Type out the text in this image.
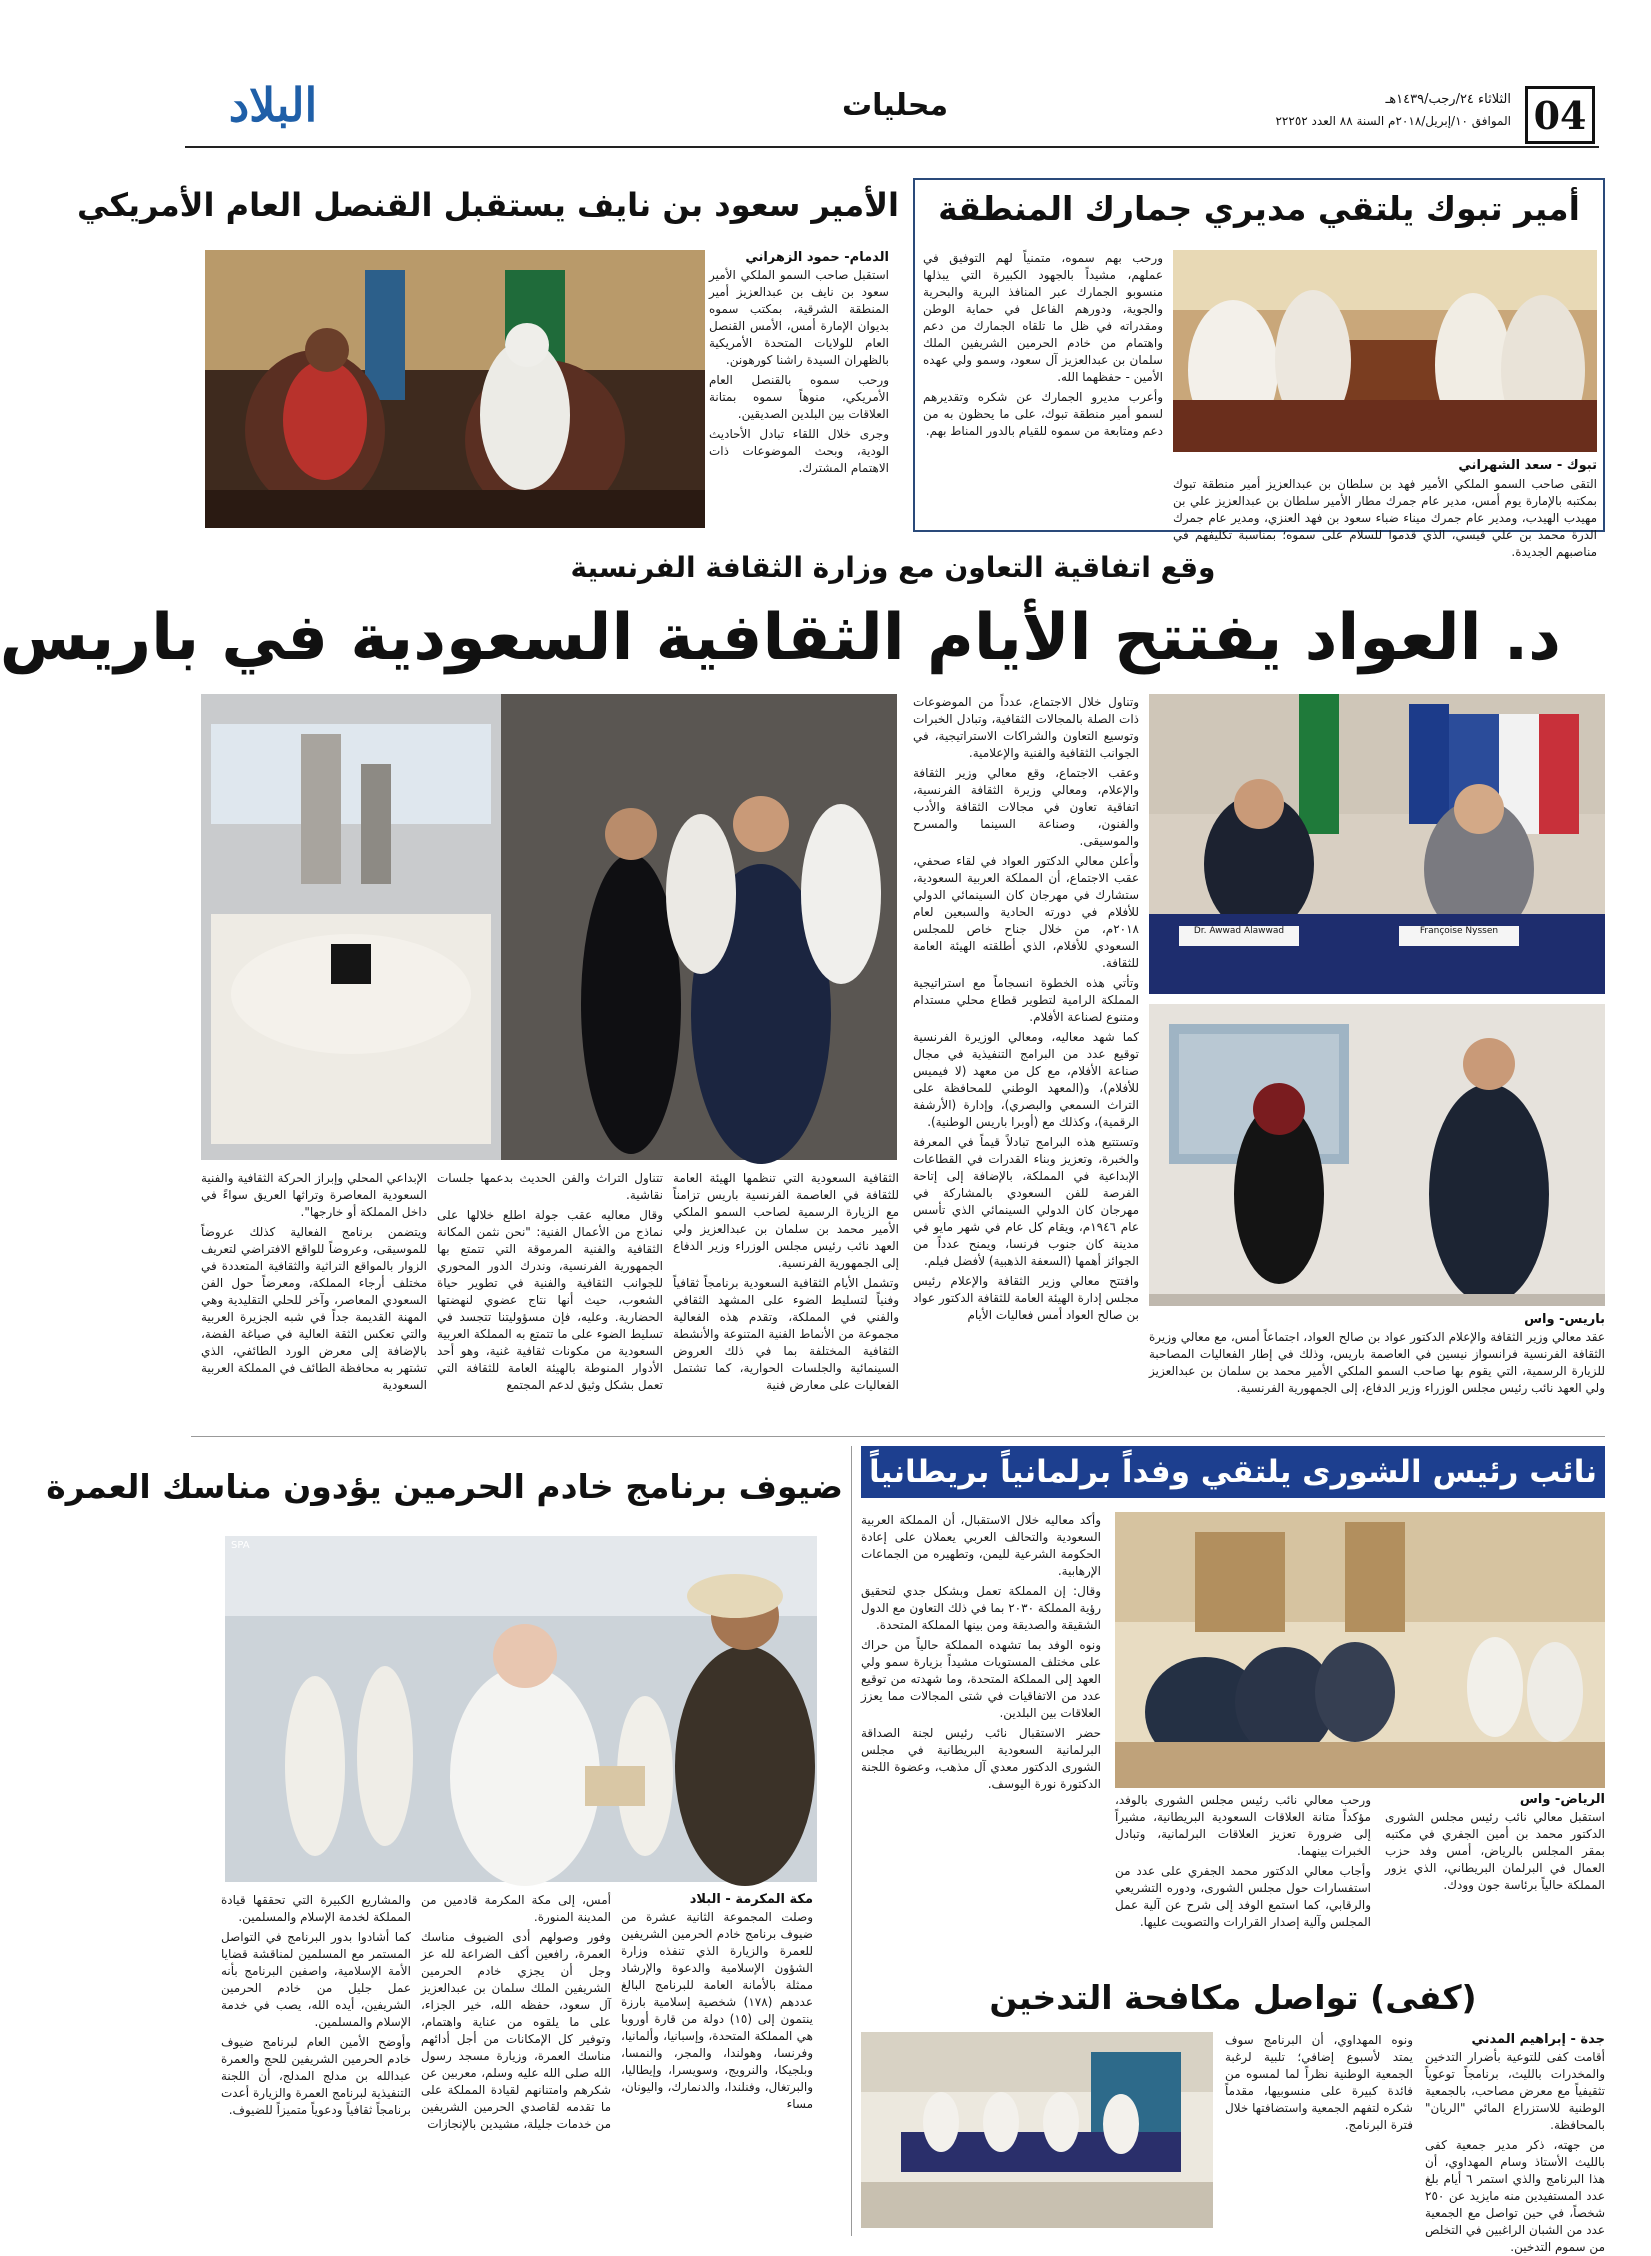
04
الثلاثاء ٢٤/رجب/١٤٣٩هـ
الموافق ١٠/إبريل/٢٠١٨م السنة ٨٨ العدد ٢٢٢٥٢
محليات
البلاد
أمير تبوك يلتقي مديري جمارك المنطقة
ورحب بهم سموه، متمنياً لهم التوفيق في عملهم، مشيداً بالجهود الكبيرة التي يبذلها منسوبو الجمارك عبر المنافذ البرية والبحرية والجوية، ودورهم الفاعل في حماية الوطن ومقدراته في ظل ما تلقاه الجمارك من دعم واهتمام من خادم الحرمين الشريفين الملك سلمان بن عبدالعزيز آل سعود، وسمو ولي عهده الأمين - حفظهما الله.
وأعرب مديرو الجمارك عن شكره وتقديرهم لسمو أمير منطقة تبوك، على ما يحظون به من دعم ومتابعة من سموه للقيام بالدور المناط بهم.
تبوك - سعد الشهراني
التقى صاحب السمو الملكي الأمير فهد بن سلطان بن عبدالعزيز أمير منطقة تبوك بمكتبه بالإمارة يوم أمس، مدير عام جمرك مطار الأمير سلطان بن عبدالعزيز علي بن مهيدب الهيدب، ومدير عام جمرك ميناء ضباء سعود بن فهد العنزي، ومدير عام جمرك الدرة محمد بن علي قيسي، الذي قدموا للسلام على سموه؛ بمناسبة تكليفهم في مناصبهم الجديدة.
الأمير سعود بن نايف يستقبل القنصل العام الأمريكي
الدمام- حمود الزهراني
استقبل صاحب السمو الملكي الأمير سعود بن نايف بن عبدالعزيز أمير المنطقة الشرقية، بمكتب سموه بديوان الإمارة أمس، الأمس القنصل العام للولايات المتحدة الأمريكية بالظهران السيدة راشنا كورهونن.
ورحب سموه بالقنصل العام الأمريكي، منوهاً سموه بمتانة العلاقات بين البلدين الصديقين.
وجرى خلال اللقاء تبادل الأحاديث الودية، وبحث الموضوعات ذات الاهتمام المشترك.
وقع اتفاقية التعاون مع وزارة الثقافة الفرنسية
د. العواد يفتتح الأيام الثقافية السعودية في باريس
Dr. Awwad Alawwad	Françoise Nyssen
باريس- واس
عقد معالي وزير الثقافة والإعلام الدكتور عواد بن صالح العواد، اجتماعاً أمس، مع معالي وزيرة الثقافة الفرنسية فرانسواز نيسين في العاصمة باريس، وذلك في إطار الفعاليات المصاحبة للزيارة الرسمية، التي يقوم بها صاحب السمو الملكي الأمير محمد بن سلمان بن عبدالعزيز ولي العهد نائب رئيس مجلس الوزراء وزير الدفاع، إلى الجمهورية الفرنسية.
وتناول خلال الاجتماع، عدداً من الموضوعات ذات الصلة بالمجالات الثقافية، وتبادل الخبرات وتوسيع التعاون والشراكات الاستراتيجية، في الجوانب الثقافية والفنية والإعلامية.
وعقب الاجتماع، وقع معالي وزير الثقافة والإعلام، ومعالي وزيرة الثقافة الفرنسية، اتفاقية تعاون في مجالات الثقافة والأدب والفنون، وصناعة السينما والمسرح والموسيقى.
وأعلن معالي الدكتور العواد في لقاء صحفي، عقب الاجتماع، أن المملكة العربية السعودية، ستشارك في مهرجان كان السينمائي الدولي للأفلام في دورته الحادية والسبعين لعام ٢٠١٨م، من خلال جناح خاص للمجلس السعودي للأفلام، الذي أطلقته الهيئة العامة للثقافة.
وتأتي هذه الخطوة انسجاماً مع استراتيجية المملكة الرامية لتطوير قطاع محلي مستدام ومتنوع لصناعة الأفلام.
كما شهد معاليه، ومعالي الوزيرة الفرنسية توقيع عدد من البرامج التنفيذية في مجال صناعة الأفلام، مع كل من معهد (لا فيميس للأفلام)، و(المعهد الوطني للمحافظة على التراث السمعي والبصري)، وإدارة (الأرشفة الرقمية)، وكذلك مع (أوبرا باريس الوطنية).
وتستتبع هذه البرامج تبادلاً قيماً في المعرفة والخبرة، وتعزيز وبناء القدرات في القطاعات الإبداعية في المملكة، بالإضافة إلى إتاحة الفرصة للفن السعودي بالمشاركة في مهرجان كان الدولي السينمائي الذي تأسس عام ١٩٤٦م، ويقام كل عام في شهر مايو في مدينة كان جنوب فرنسا، ويمنح عدداً من الجوائز أهمها (السعفة الذهبية) لأفضل فيلم.
وافتتح معالي وزير الثقافة والإعلام رئيس مجلس إدارة الهيئة العامة للثقافة الدكتور عواد بن صالح العواد أمس فعاليات الأيام
الثقافية السعودية التي تنظمها الهيئة العامة للثقافة في العاصمة الفرنسية باريس تزامناً مع الزيارة الرسمية لصاحب السمو الملكي الأمير محمد بن سلمان بن عبدالعزيز ولي العهد نائب رئيس مجلس الوزراء وزير الدفاع إلى الجمهورية الفرنسية.
وتشمل الأيام الثقافية السعودية برنامجاً ثقافياً وفنياً لتسليط الضوء على المشهد الثقافي والفني في المملكة، وتقدم هذه الفعالية مجموعة من الأنماط الفنية المتنوعة والأنشطة الثقافية المختلفة بما في ذلك العروض السينمائية والجلسات الحوارية، كما تشتمل الفعاليات على معارض فنية
تتناول التراث والفن الحديث بدعمها جلسات نقاشية.
وقال معاليه عقب جولة اطلع خلالها على نماذج من الأعمال الفنية: "نحن نثمن المكانة الثقافية والفنية المرموقة التي تتمتع بها الجمهورية الفرنسية، وندرك الدور المحوري للجوانب الثقافية والفنية في تطوير حياة الشعوب، حيث أنها نتاج عضوي لنهضتها الحضارية. وعليه، فإن مسؤوليتنا تتجسد في تسليط الضوء على ما تتمتع به المملكة العربية السعودية من مكونات ثقافية غنية، وهو أحد الأدوار المنوطة بالهيئة العامة للثقافة التي تعمل بشكل وثيق لدعم المجتمع
الإبداعي المحلي وإبراز الحركة الثقافية والفنية السعودية المعاصرة وتراثها العريق سواءً في داخل المملكة أو خارجها".
ويتضمن برنامج الفعالية كذلك عروضاً للموسيقى، وعروضاً للواقع الافتراضي لتعريف الزوار بالمواقع التراثية والثقافية المتعددة في مختلف أرجاء المملكة، ومعرضاً حول الفن السعودي المعاصر، وآخر للحلي التقليدية وهي المهنة القديمة جداً في شبه الجزيرة العربية والتي تعكس الثقة العالية في صياغة الفضة، بالإضافة إلى معرض الورد الطائفي، الذي تشتهر به محافظة الطائف في المملكة العربية السعودية
نائب رئيس الشورى يلتقي وفداً برلمانياً بريطانياً
الرياض- واس
استقبل معالي نائب رئيس مجلس الشورى الدكتور محمد بن أمين الجفري في مكتبه بمقر المجلس بالرياض، أمس وفد حزب العمال في البرلمان البريطاني، الذي يزور المملكة حالياً برئاسة جون وودك.
ورحب معالي نائب رئيس مجلس الشورى بالوفد، مؤكداً متانة العلاقات السعودية البريطانية، مشيراً إلى ضرورة تعزيز العلاقات البرلمانية، وتبادل الخبرات بينهما.
وأجاب معالي الدكتور محمد الجفري على عدد من استفسارات حول مجلس الشورى، ودوره التشريعي والرقابي، كما استمع الوفد إلى شرح عن آلية عمل المجلس وآلية إصدار القرارات والتصويت عليها.
وأكد معاليه خلال الاستقبال، أن المملكة العربية السعودية والتحالف العربي يعملان على إعادة الحكومة الشرعية لليمن، وتطهيره من الجماعات الإرهابية.
وقال: إن المملكة تعمل وبشكل جدي لتحقيق رؤية المملكة ٢٠٣٠ بما في ذلك التعاون مع الدول الشقيقة والصديقة ومن بينها المملكة المتحدة.
ونوه الوفد بما تشهده المملكة حالياً من حراك على مختلف المستويات مشيداً بزيارة سمو ولي العهد إلى المملكة المتحدة، وما شهدته من توقيع عدد من الاتفاقيات في شتى المجالات مما يعزز العلاقات بين البلدين.
حضر الاستقبال نائب رئيس لجنة الصداقة البرلمانية السعودية البريطانية في مجلس الشورى الدكتور معدي آل مذهب، وعضوة اللجنة الدكتورة نورة اليوسف.
(كفى) تواصل مكافحة التدخين
جدة - إبراهيم المدني
أقامت كفى للتوعية بأضرار التدخين والمخدرات بالليث، برنامجاً توعوياً تثقيفياً مع معرض مصاحب، بالجمعية الوطنية للاستزراع المائي "الريان" بالمحافظة.
من جهته، ذكر مدير جمعية كفى بالليث الأستاذ وسام المهداوي، أن هذا البرنامج والذي استمر ٦ أيام بلغ عدد المستفيدين منه مايزيد عن ٢٥٠ شخصاً، في حين تواصل مع الجمعية عدد من الشبان الراغبين في التخلص من سموم التدخين.
ونوه المهداوي، أن البرنامج سوف يمتد لأسبوع إضافي؛ تلبية لرغبة الجمعية الوطنية نظراً لما لمسوه من فائدة كبيرة على منسوبيها، مقدماً شكره لتفهم الجمعية واستضافتها خلال فترة البرنامج.
ضيوف برنامج خادم الحرمين يؤدون مناسك العمرة
SPA
مكة المكرمة - البلاد
وصلت المجموعة الثانية عشرة من ضيوف برنامج خادم الحرمين الشريفين للعمرة والزيارة الذي تنفذه وزارة الشؤون الإسلامية والدعوة والإرشاد ممثلة بالأمانة العامة للبرنامج البالغ عددهم (١٧٨) شخصية إسلامية بارزة ينتمون إلى (١٥) دولة من قارة أوروبا هي المملكة المتحدة، وإسبانيا، وألمانيا، وفرنسا، وهولندا، والمجر، والنمسا، وبلجيكا، والنرويج، وسويسرا، وإيطاليا، والبرتغال، وفنلندا، والدنمارك، واليونان، مساء
أمس، إلى مكة المكرمة قادمين من المدينة المنورة.
وفور وصولهم أدى الضيوف مناسك العمرة، رافعين أكف الضراعة لله عز وجل أن يجزي خادم الحرمين الشريفين الملك سلمان بن عبدالعزيز آل سعود، حفظه الله، خير الجزاء، على ما يلقوه من عناية واهتمام، وتوفير كل الإمكانات من أجل أدائهم مناسك العمرة، وزيارة مسجد رسول الله صلى الله عليه وسلم، معربين عن شكرهم وامتنانهم لقيادة المملكة على ما تقدمه لقاصدي الحرمين الشريفين من خدمات جليلة، مشيدين بالإنجازات
والمشاريع الكبيرة التي تحققها قيادة المملكة لخدمة الإسلام والمسلمين.
كما أشادوا بدور البرنامج في التواصل المستمر مع المسلمين لمناقشة قضايا الأمة الإسلامية، واصفين البرنامج بأنه عمل جليل من خادم الحرمين الشريفين، أيده الله، يصب في خدمة الإسلام والمسلمين.
وأوضح الأمين العام لبرنامج ضيوف خادم الحرمين الشريفين للحج والعمرة عبدالله بن مدلج المدلج، أن اللجنة التنفيذية لبرنامج العمرة والزيارة أعدت برنامجاً ثقافياً ودعوياً متميزاً للضيوف.
